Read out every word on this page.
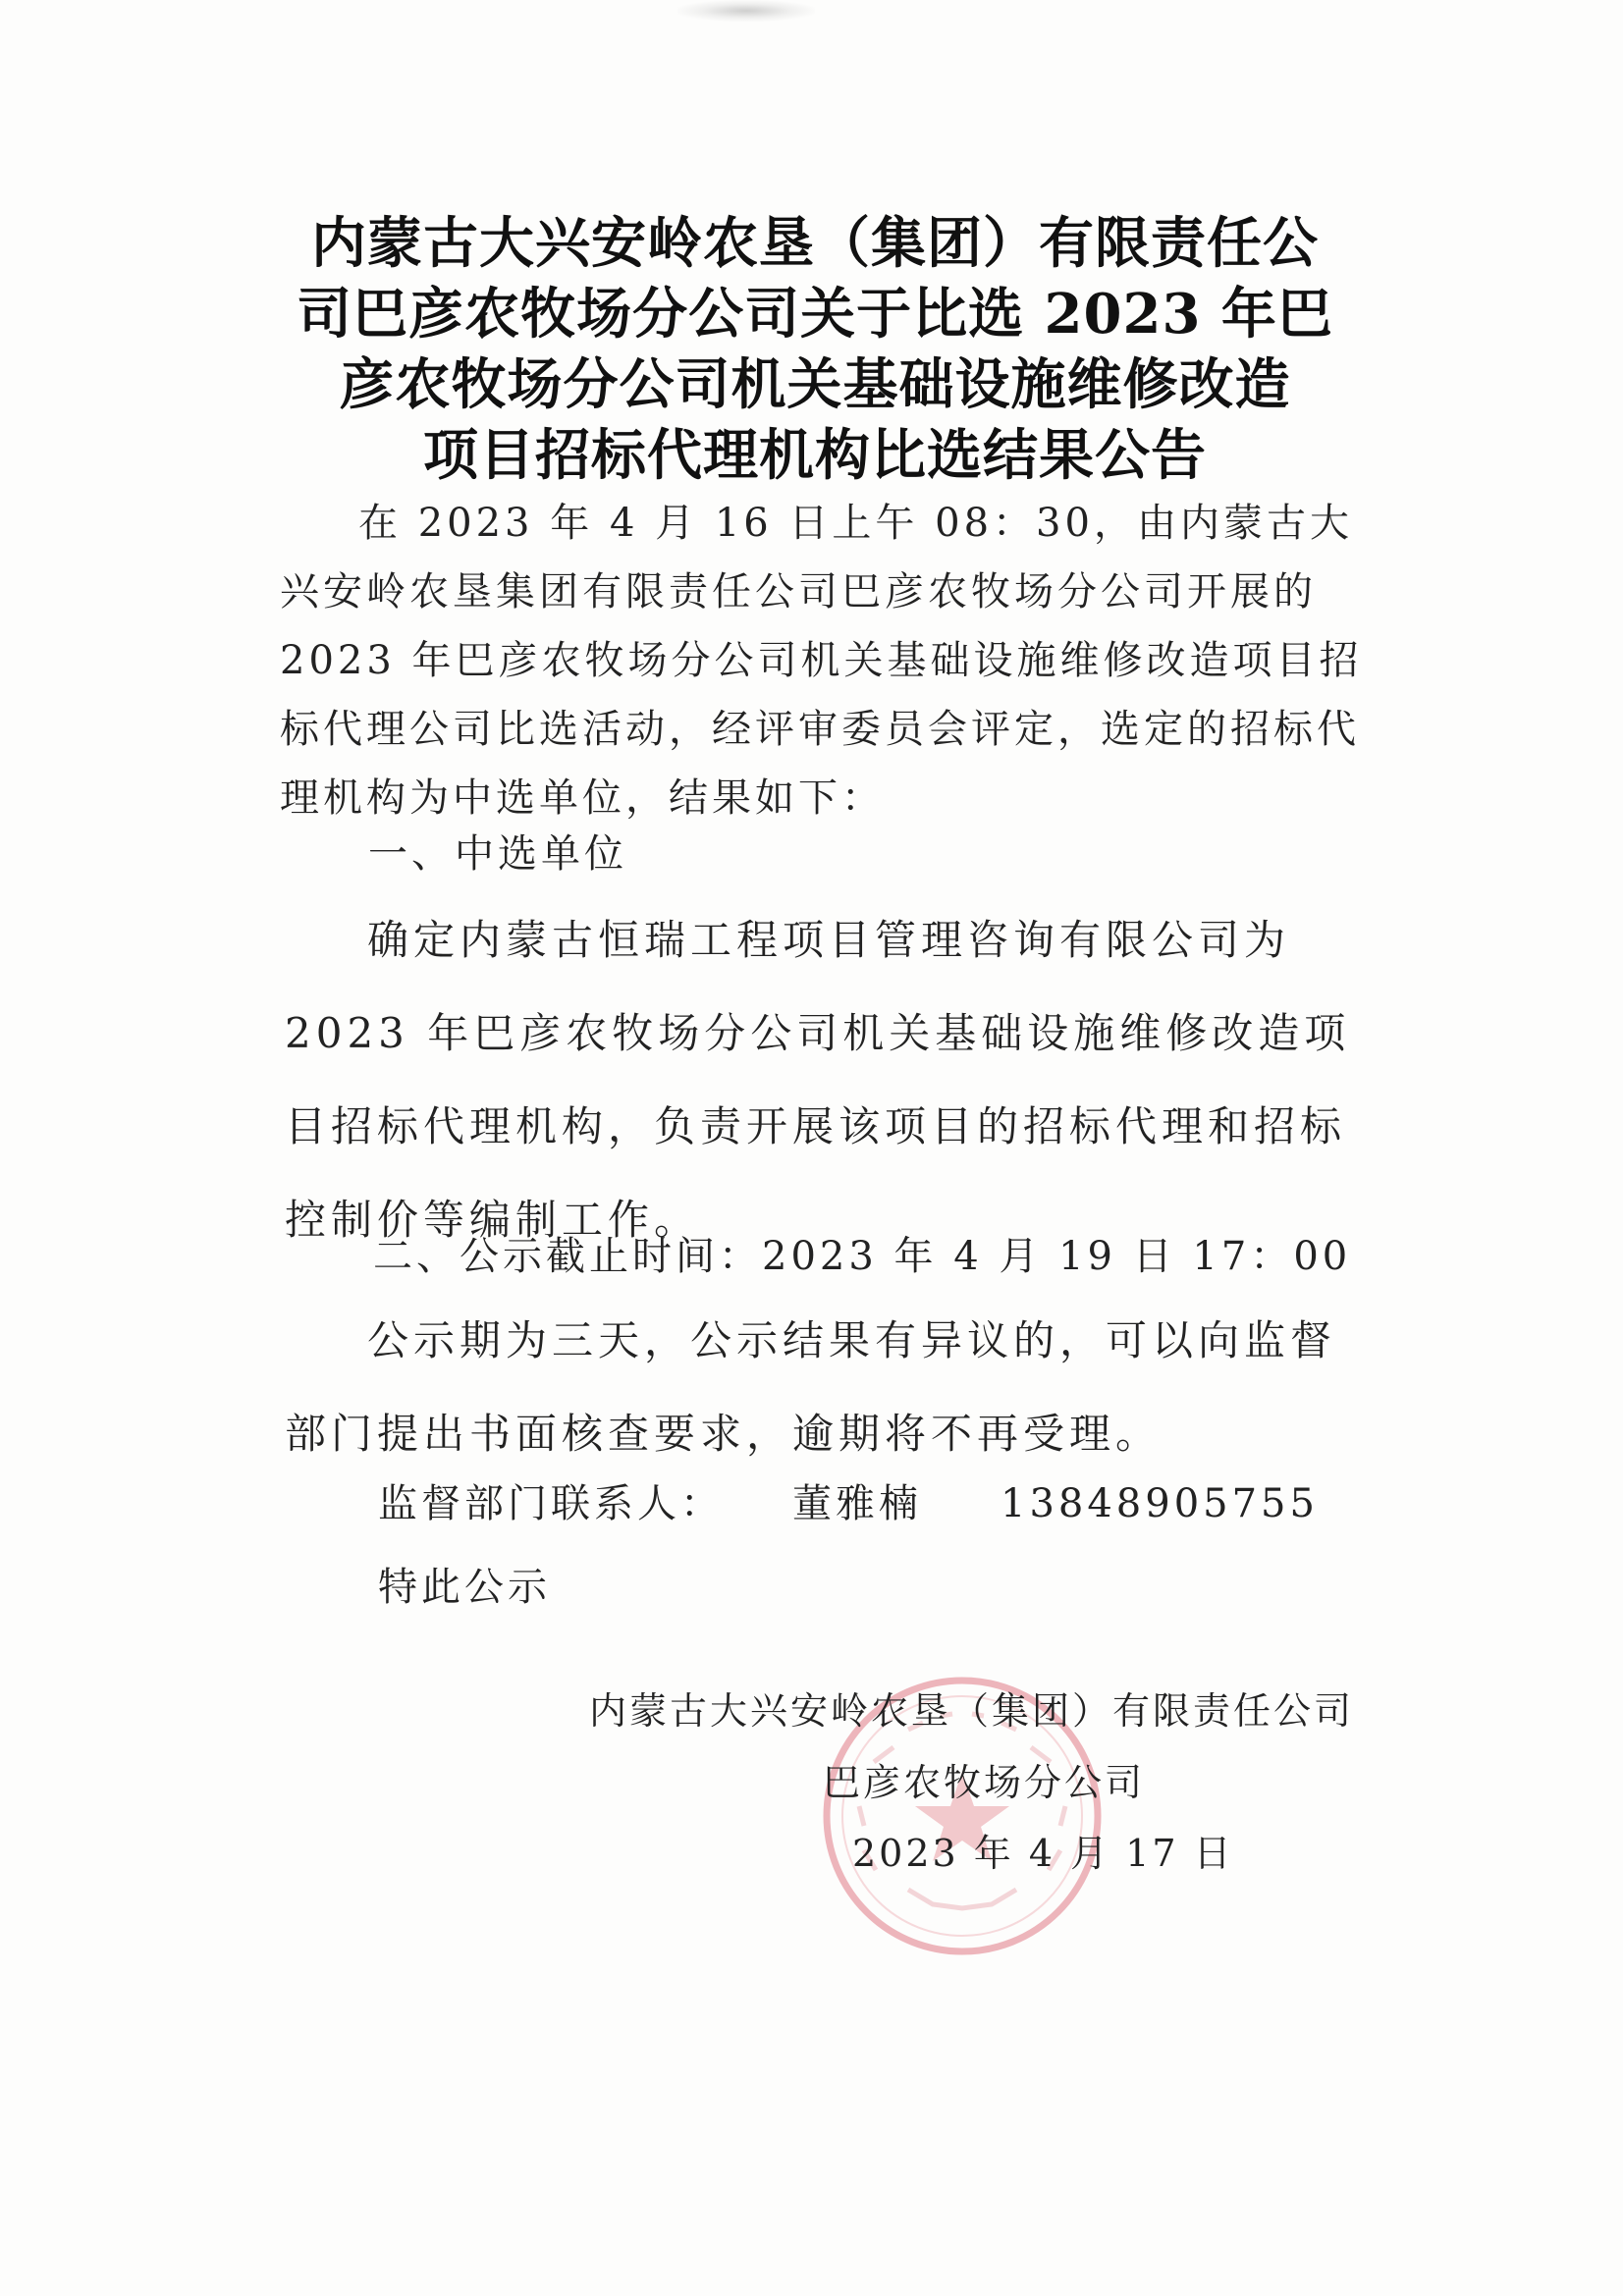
内蒙古大兴安岭农垦（集团）有限责任公
司巴彦农牧场分公司关于比选 2023 年巴
彦农牧场分公司机关基础设施维修改造
项目招标代理机构比选结果公告

在 2023 年 4 月 16 日上午 08：30，由内蒙古大兴安岭农垦集团有限责任公司巴彦农牧场分公司开展的 2023 年巴彦农牧场分公司机关基础设施维修改造项目招标代理公司比选活动，经评审委员会评定，选定的招标代理机构为中选单位，结果如下：

一、中选单位

确定内蒙古恒瑞工程项目管理咨询有限公司为 2023 年巴彦农牧场分公司机关基础设施维修改造项目招标代理机构，负责开展该项目的招标代理和招标控制价等编制工作。

二、公示截止时间：2023 年 4 月 19 日 17：00

公示期为三天，公示结果有异议的，可以向监督部门提出书面核查要求，逾期将不再受理。

监督部门联系人： 董雅楠 13848905755

特此公示

内蒙古大兴安岭农垦（集团）有限责任公司

巴彦农牧场分公司

2023 年 4 月 17 日
